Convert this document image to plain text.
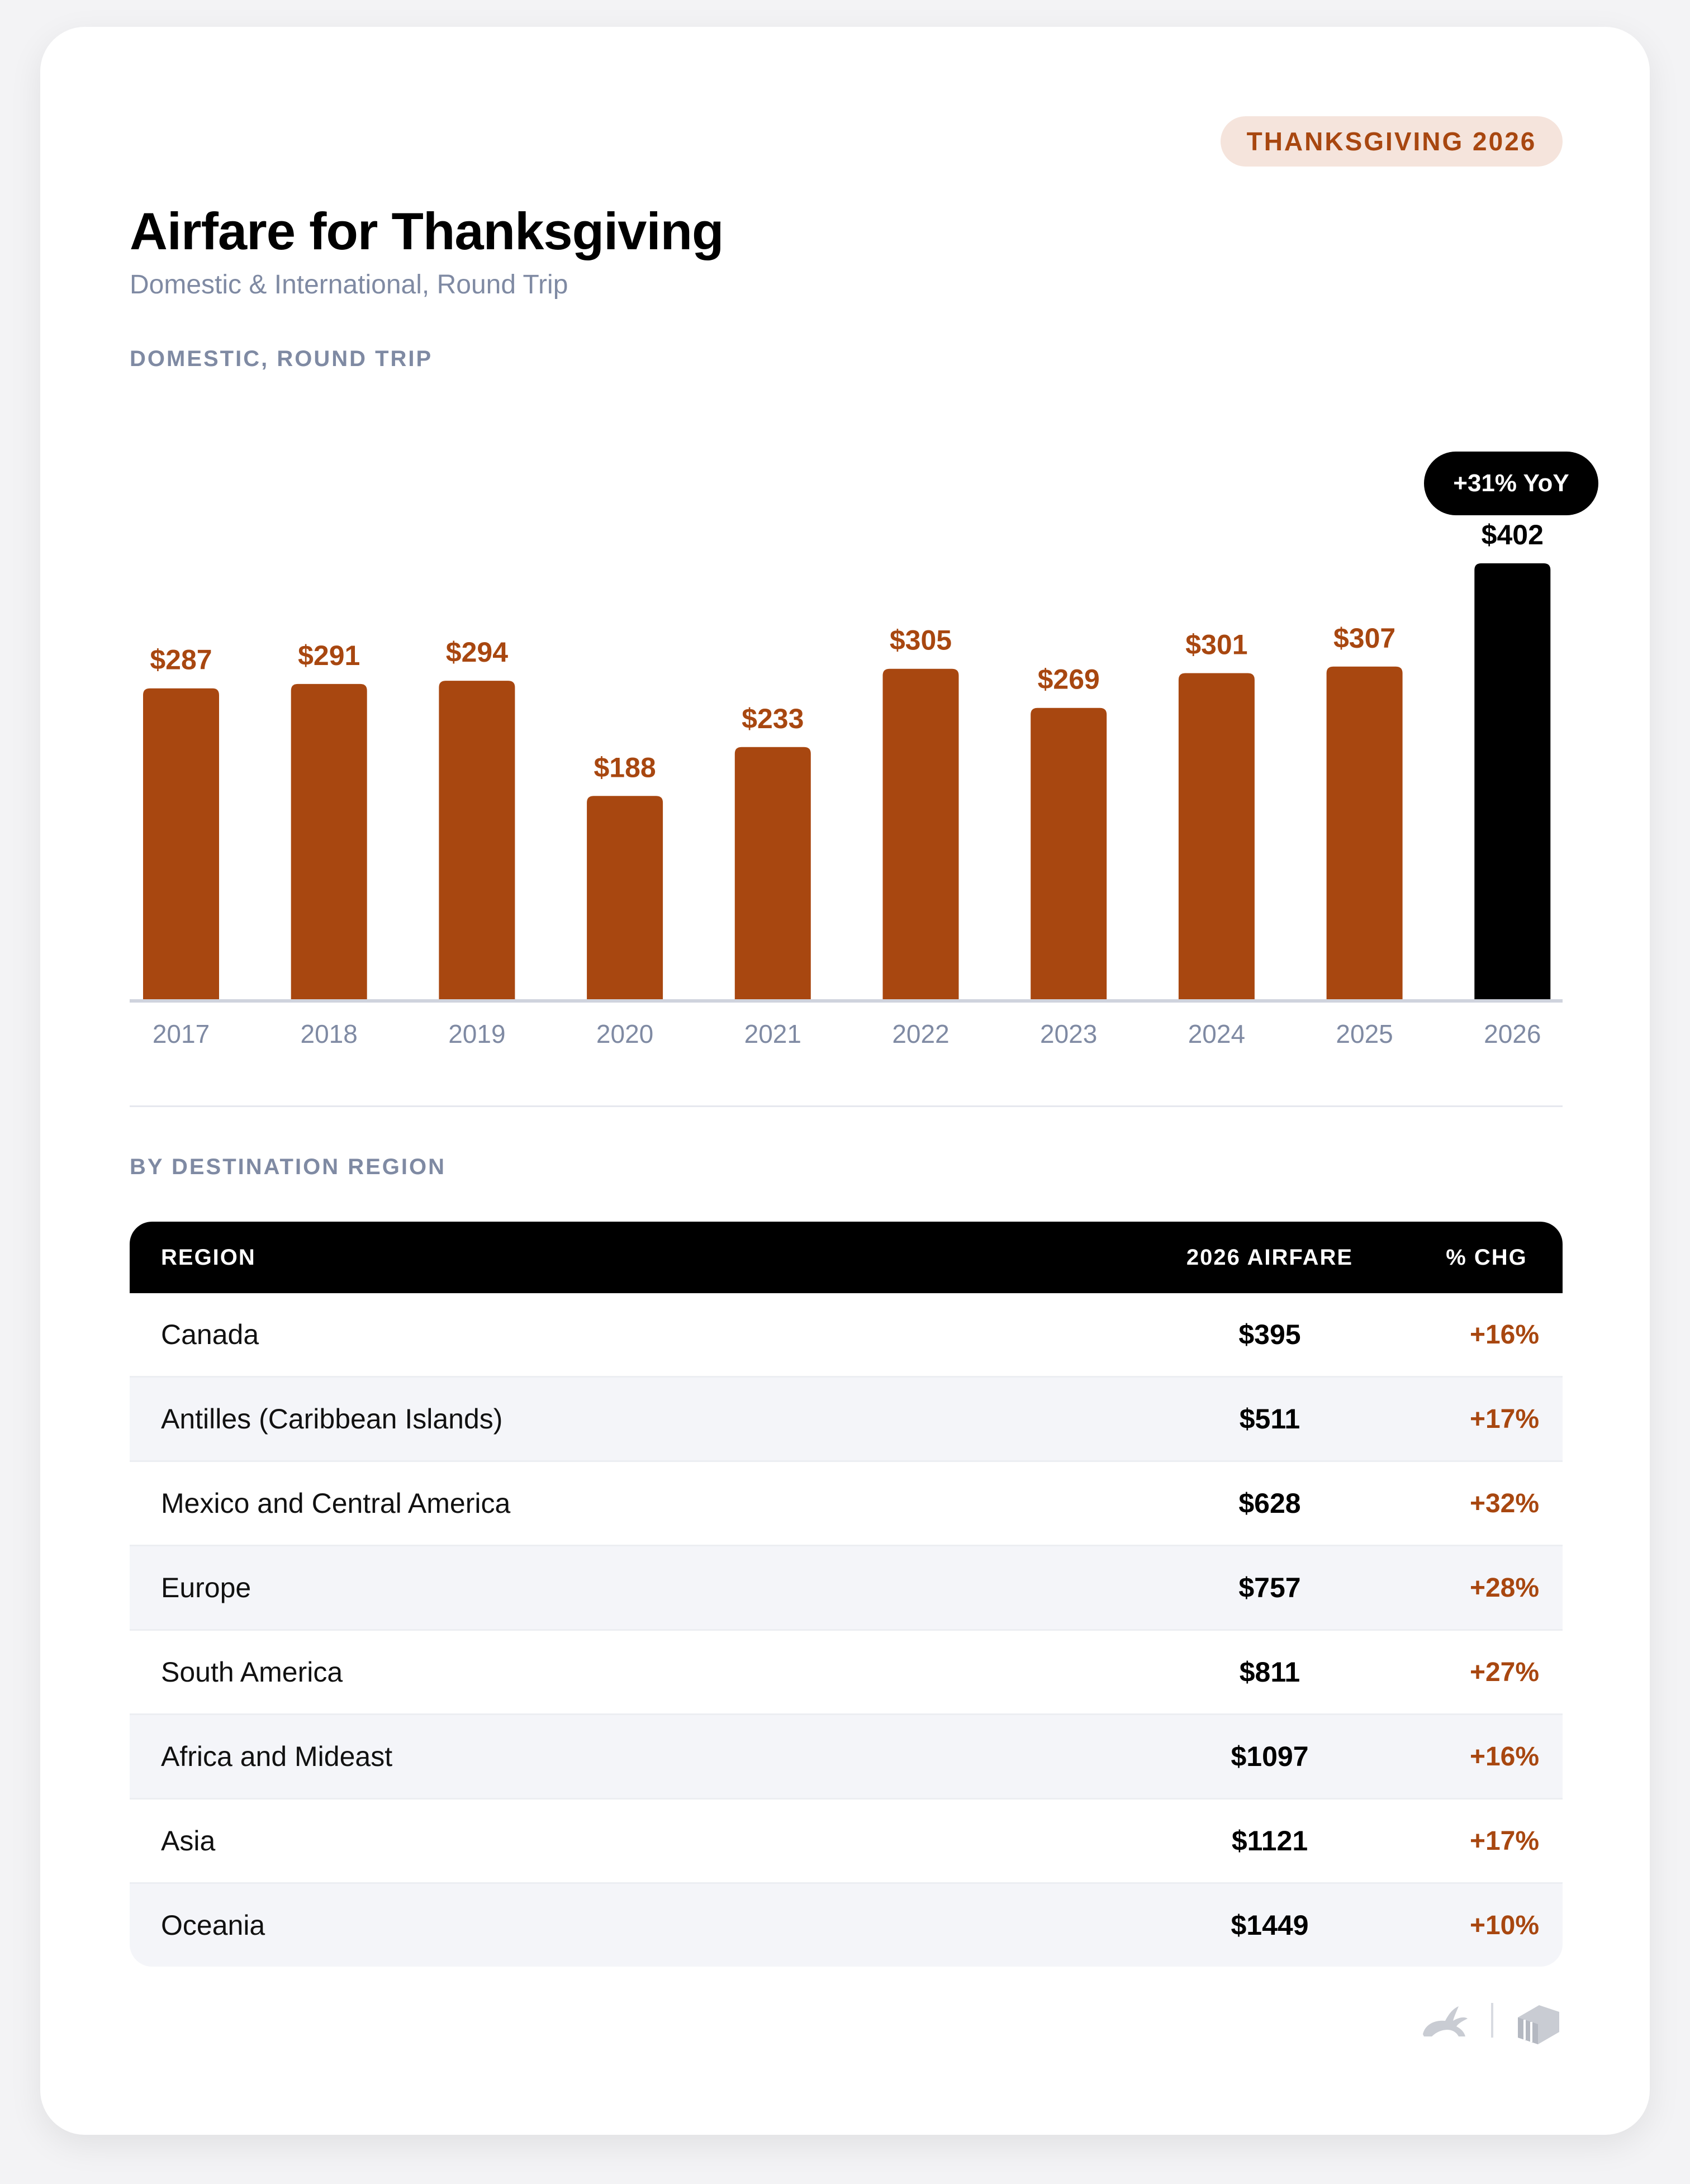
THANKSGIVING 2026
Airfare for Thanksgiving
Domestic & International, Round Trip
DOMESTIC, ROUND TRIP
$287
2017
$291
2018
$294
2019
$188
2020
$233
2021
$305
2022
$269
2023
$301
2024
$307
2025
$402
2026
+31% YoY
BY DESTINATION REGION
REGION	2026 AIRFARE	% CHG
Canada	$395	+16%
Antilles (Caribbean Islands)	$511	+17%
Mexico and Central America	$628	+32%
Europe	$757	+28%
South America	$811	+27%
Africa and Mideast	$1097	+16%
Asia	$1121	+17%
Oceania	$1449	+10%
